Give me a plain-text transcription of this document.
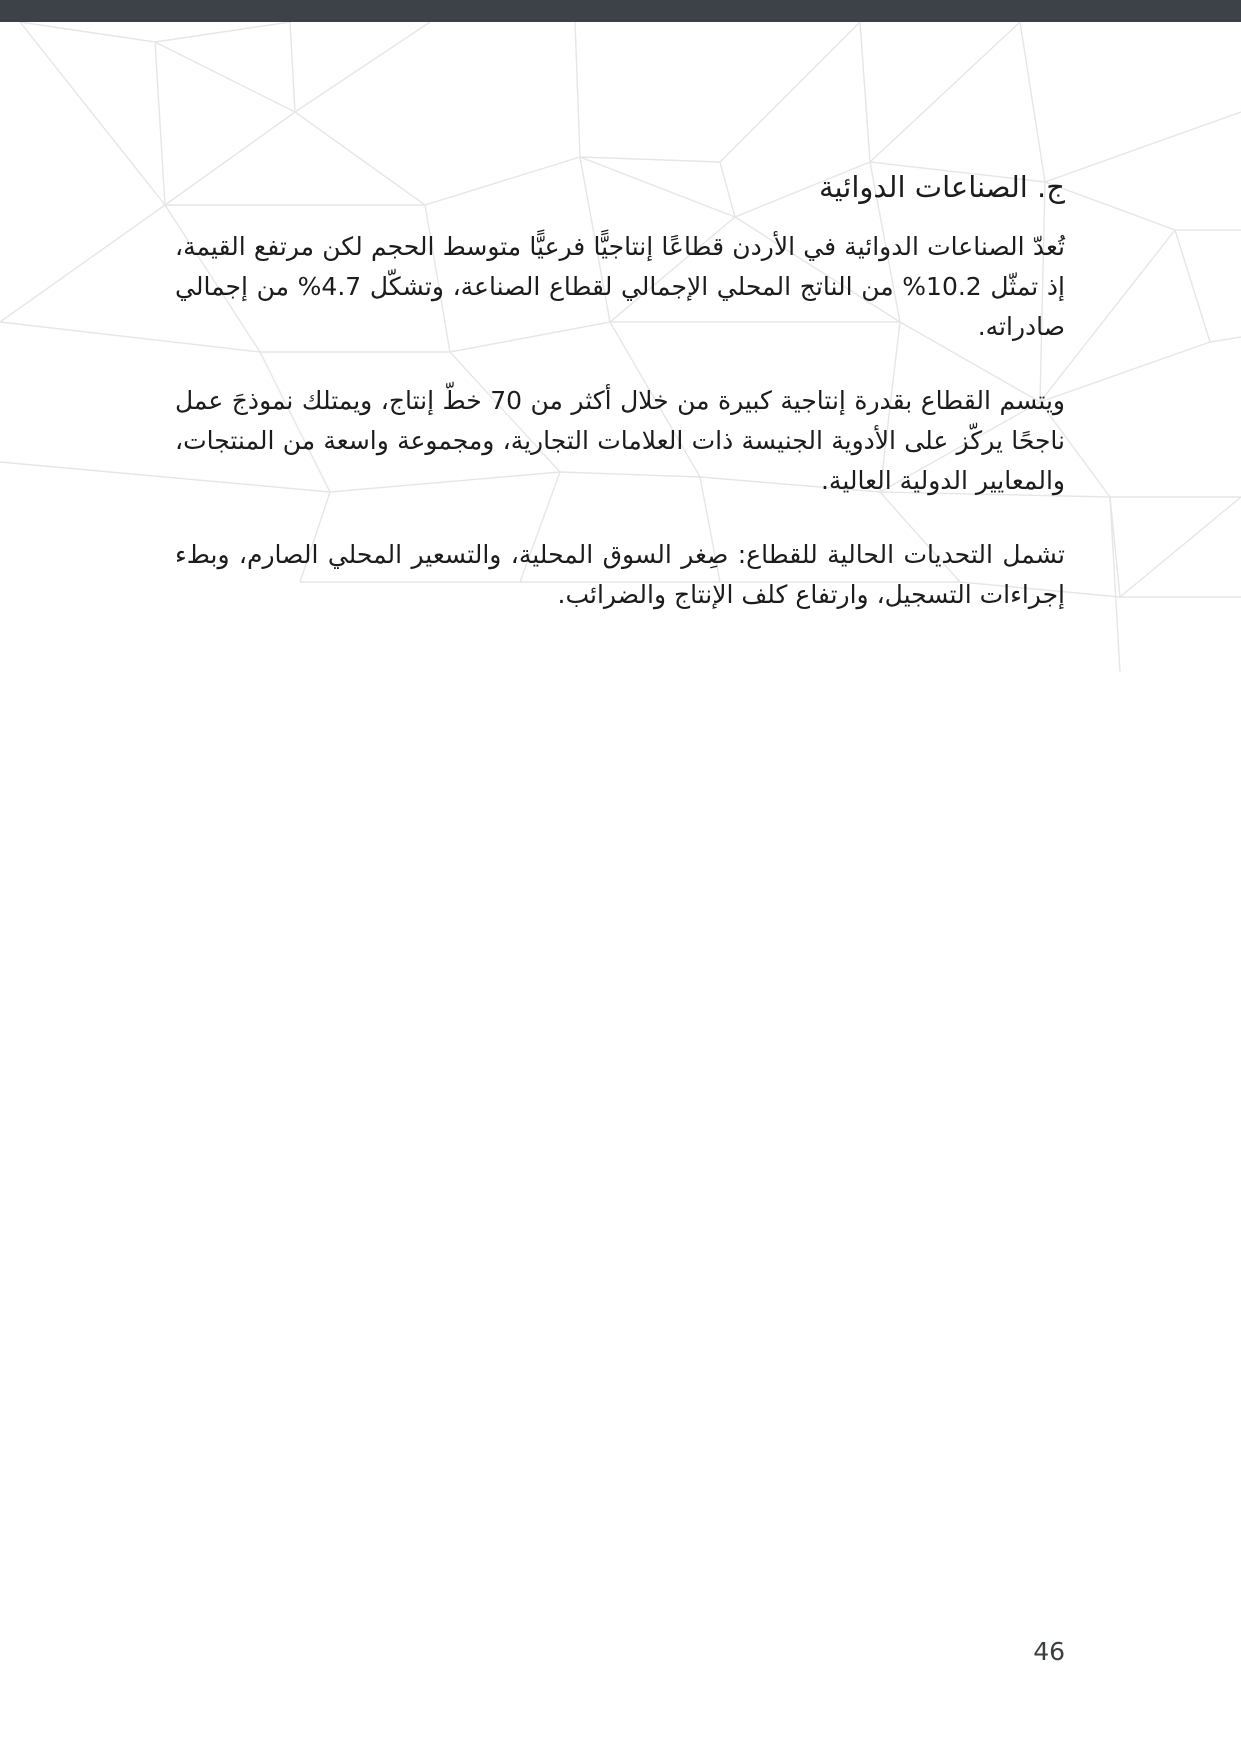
ج. الصناعات الدوائية

تُعدّ الصناعات الدوائية في الأردن قطاعًا إنتاجيًّا فرعيًّا متوسط الحجم لكن مرتفع القيمة، إذ تمثّل 10.2% من الناتج المحلي الإجمالي لقطاع الصناعة، وتشكّل 4.7% من إجمالي صادراته.

ويتسم القطاع بقدرة إنتاجية كبيرة من خلال أكثر من 70 خطّ إنتاج، ويمتلك نموذجَ عمل ناجحًا يركّز على الأدوية الجنيسة ذات العلامات التجارية، ومجموعة واسعة من المنتجات، والمعايير الدولية العالية.

تشمل التحديات الحالية للقطاع: صِغر السوق المحلية، والتسعير المحلي الصارم، وبطء إجراءات التسجيل، وارتفاع كلف الإنتاج والضرائب.

46
